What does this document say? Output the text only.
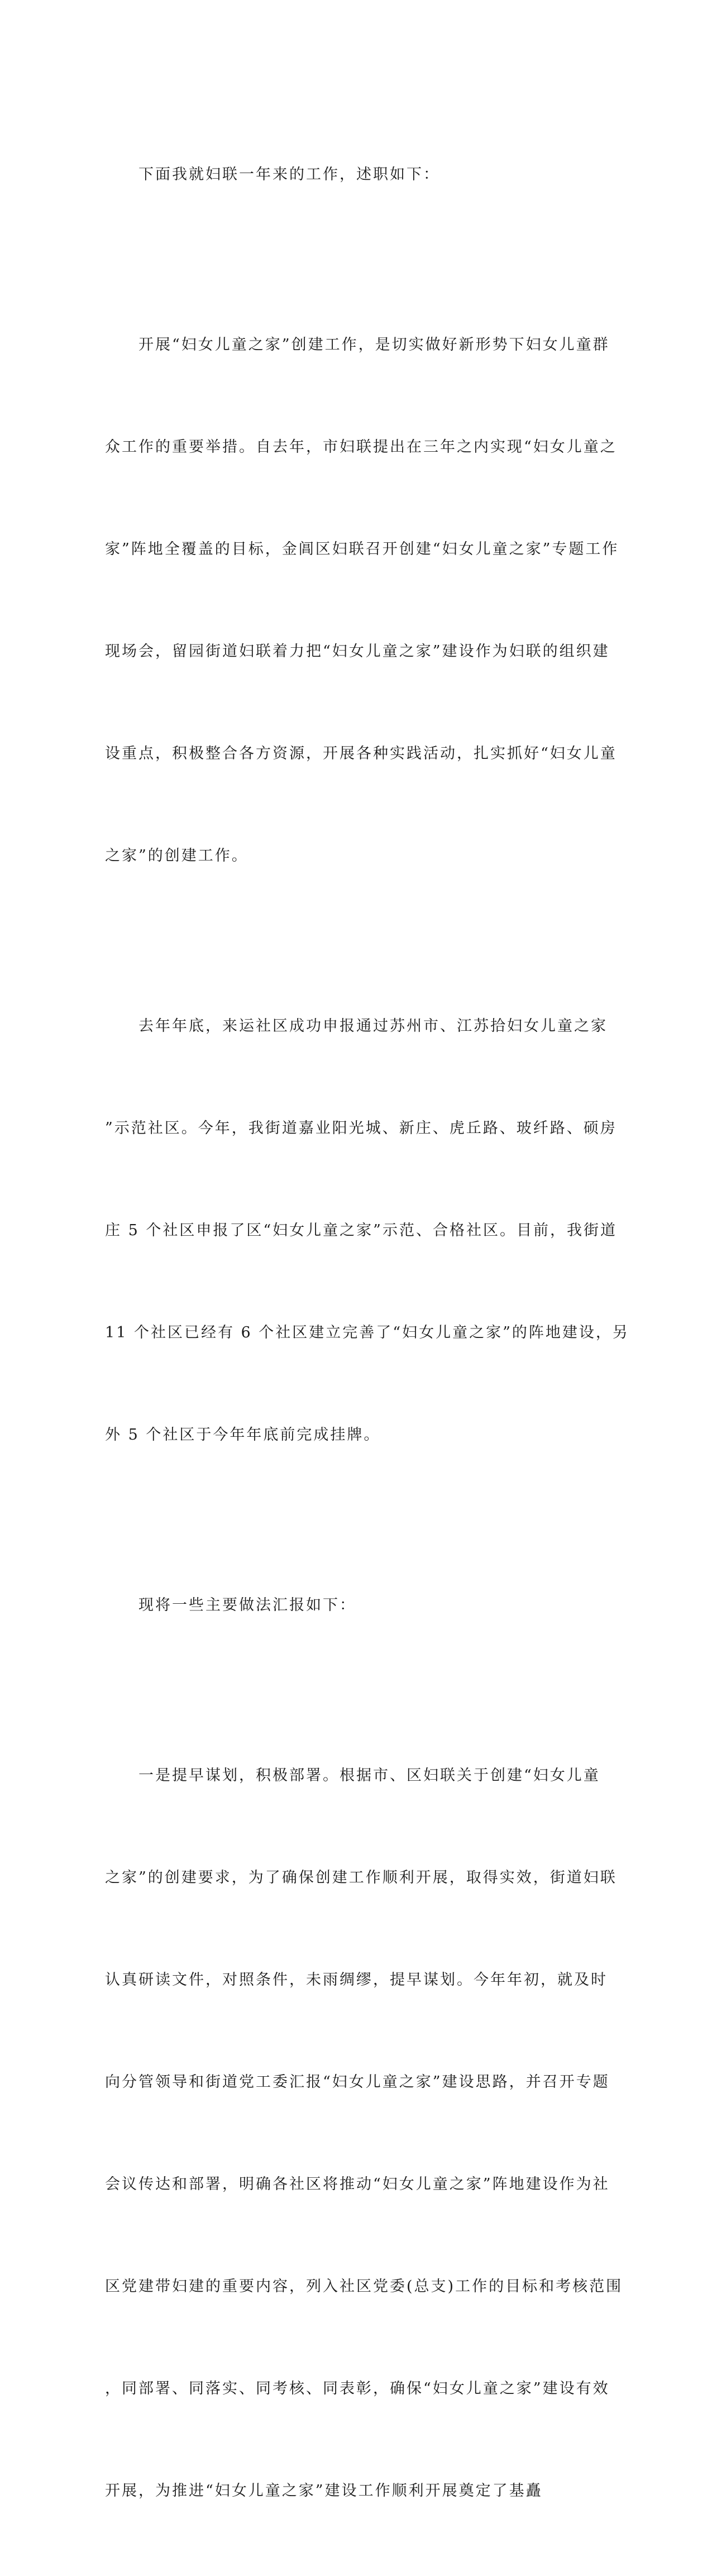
　　下面我就妇联一年来的工作，述职如下：

　　开展“妇女儿童之家”创建工作，是切实做好新形势下妇女儿童群

众工作的重要举措。自去年，市妇联提出在三年之内实现“妇女儿童之

家”阵地全覆盖的目标，金阊区妇联召开创建“妇女儿童之家”专题工作

现场会，留园街道妇联着力把“妇女儿童之家”建设作为妇联的组织建

设重点，积极整合各方资源，开展各种实践活动，扎实抓好“妇女儿童

之家”的创建工作。

　　去年年底，来运社区成功申报通过苏州市、江苏拾妇女儿童之家

”示范社区。今年，我街道嘉业阳光城、新庄、虎丘路、玻纤路、硕房

庄 5 个社区申报了区“妇女儿童之家”示范、合格社区。目前，我街道

11 个社区已经有 6 个社区建立完善了“妇女儿童之家”的阵地建设，另

外 5 个社区于今年年底前完成挂牌。

　　现将一些主要做法汇报如下：

　　一是提早谋划，积极部署。根据市、区妇联关于创建“妇女儿童

之家”的创建要求，为了确保创建工作顺利开展，取得实效，街道妇联

认真研读文件，对照条件，未雨绸缪，提早谋划。今年年初，就及时

向分管领导和街道党工委汇报“妇女儿童之家”建设思路，并召开专题

会议传达和部署，明确各社区将推动“妇女儿童之家”阵地建设作为社

区党建带妇建的重要内容，列入社区党委(总支)工作的目标和考核范围

，同部署、同落实、同考核、同表彰，确保“妇女儿童之家”建设有效

开展，为推进“妇女儿童之家”建设工作顺利开展奠定了基矗
